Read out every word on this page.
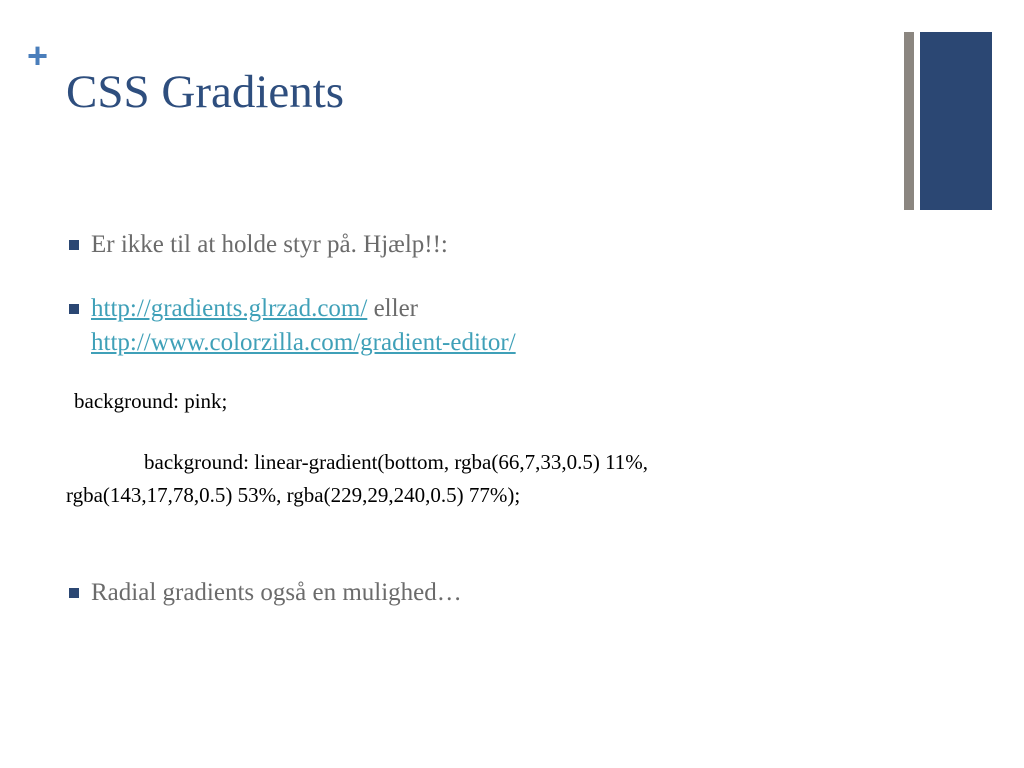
+
CSS Gradients
Er ikke til at holde styr på. Hjælp!!:
http://gradients.glrzad.com/ eller
http://www.colorzilla.com/gradient-editor/
background: pink;
background: linear-gradient(bottom, rgba(66,7,33,0.5) 11%,
rgba(143,17,78,0.5) 53%, rgba(229,29,240,0.5) 77%);
Radial gradients også en mulighed…
